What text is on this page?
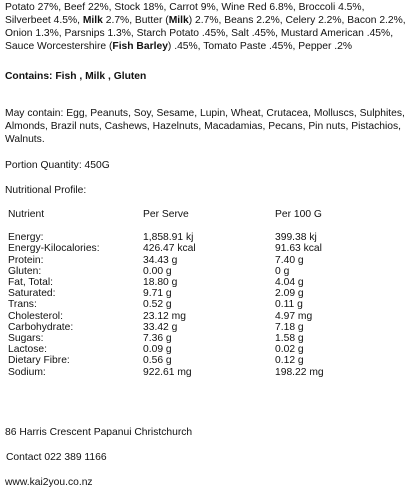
Potato 27%, Beef 22%, Stock 18%, Carrot 9%, Wine Red 6.8%, Broccoli 4.5%, Silverbeet 4.5%, Milk 2.7%, Butter (Milk) 2.7%, Beans 2.2%, Celery 2.2%, Bacon 2.2%, Onion 1.3%, Parsnips 1.3%, Starch Potato .45%, Salt .45%, Mustard American .45%, Sauce Worcestershire (Fish Barley) .45%, Tomato Paste .45%, Pepper .2%

Contains: Fish , Milk , Gluten

May contain: Egg, Peanuts, Soy, Sesame, Lupin, Wheat, Crutacea, Molluscs, Sulphites, Almonds, Brazil nuts, Cashews, Hazelnuts, Macadamias, Pecans, Pin nuts, Pistachios, Walnuts.

Portion Quantity: 450G

Nutritional Profile:

Nutrient	Per Serve	Per 100 G

Energy:	1,858.91 kj	399.38 kj
Energy-Kilocalories:	426.47 kcal	91.63 kcal
Protein:	34.43 g	7.40 g
Gluten:	0.00 g	0 g
Fat, Total:	18.80 g	4.04 g
Saturated:	9.71 g	2.09 g
Trans:	0.52 g	0.11 g
Cholesterol:	23.12 mg	4.97 mg
Carbohydrate:	33.42 g	7.18 g
Sugars:	7.36 g	1.58 g
Lactose:	0.09 g	0.02 g
Dietary Fibre:	0.56 g	0.12 g
Sodium:	922.61 mg	198.22 mg

86 Harris Crescent Papanui Christchurch

Contact 022 389 1166

www.kai2you.co.nz
